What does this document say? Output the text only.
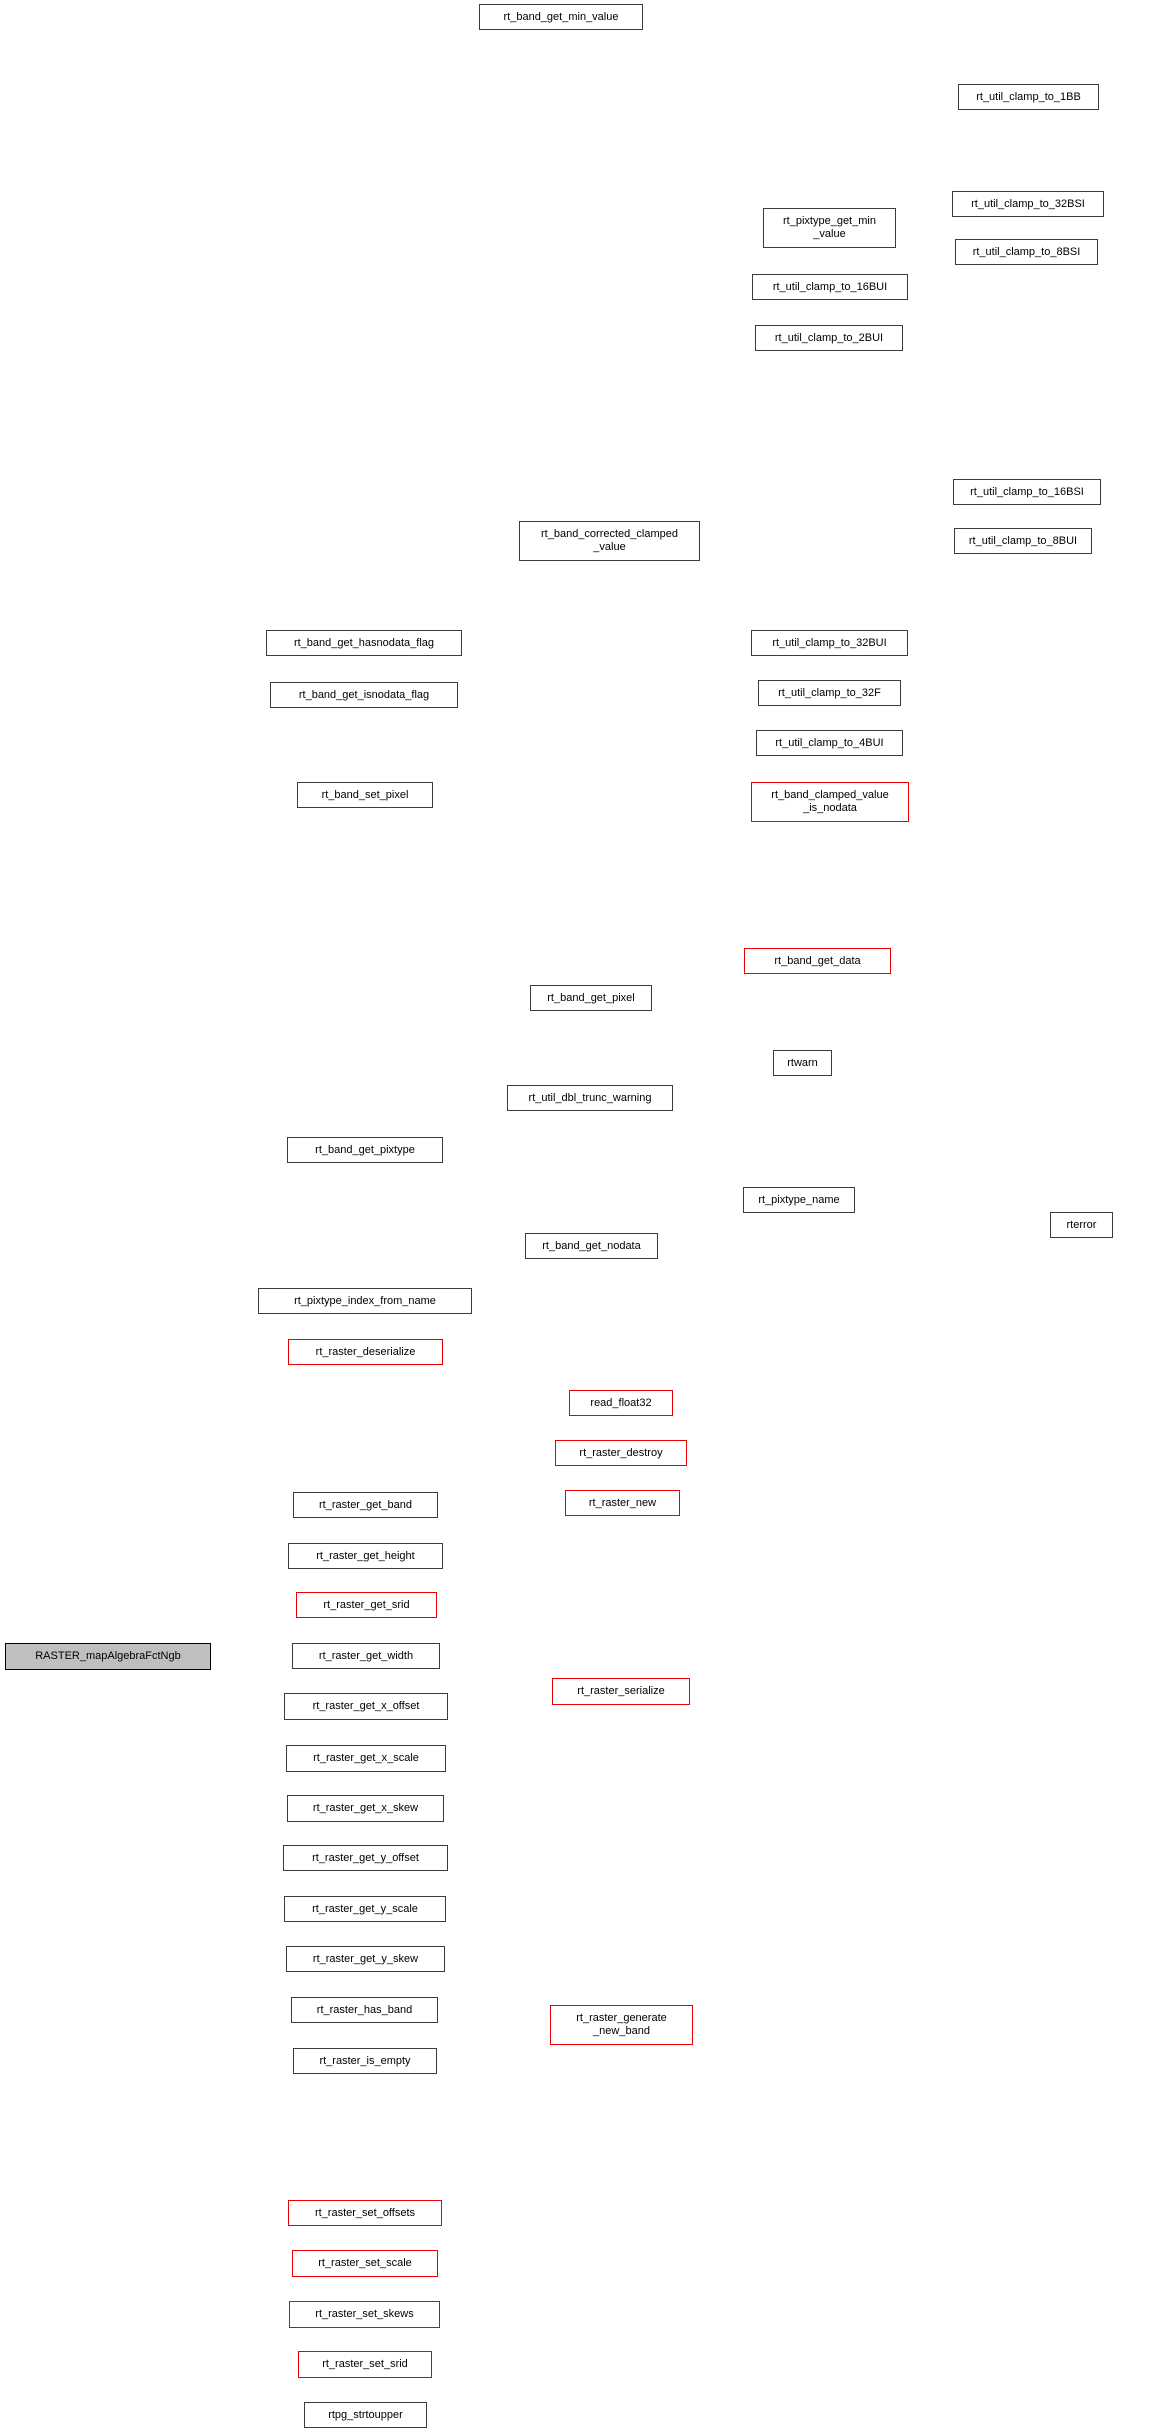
RASTER_mapAlgebraFctNgb
rt_band_get_min_value
rt_util_clamp_to_1BB
rt_util_clamp_to_32BSI
rt_pixtype_get_min
_value
rt_util_clamp_to_8BSI
rt_util_clamp_to_16BUI
rt_util_clamp_to_2BUI
rt_util_clamp_to_16BSI
rt_band_corrected_clamped
_value
rt_util_clamp_to_8BUI
rt_band_get_hasnodata_flag	rt_util_clamp_to_32BUI
rt_band_get_isnodata_flag	rt_util_clamp_to_32F
rt_util_clamp_to_4BUI
rt_band_clamped_value
_is_nodata
rt_band_set_pixel
rt_band_get_data
rt_band_get_pixel
rtwarn
rt_util_dbl_trunc_warning
rt_band_get_pixtype
rt_pixtype_name
rterror
rt_band_get_nodata
rt_pixtype_index_from_name
rt_raster_deserialize
read_float32
rt_raster_destroy
rt_raster_new
rt_raster_get_band
rt_raster_get_height
rt_raster_get_srid
rt_raster_get_width
rt_raster_get_x_offset
rt_raster_get_x_scale
rt_raster_get_x_skew
rt_raster_get_y_offset
rt_raster_get_y_scale
rt_raster_get_y_skew
rt_raster_has_band
rt_raster_is_empty
rt_raster_serialize
rt_raster_generate
_new_band
rt_raster_set_offsets
rt_raster_set_scale
rt_raster_set_skews
rt_raster_set_srid
rtpg_strtoupper
